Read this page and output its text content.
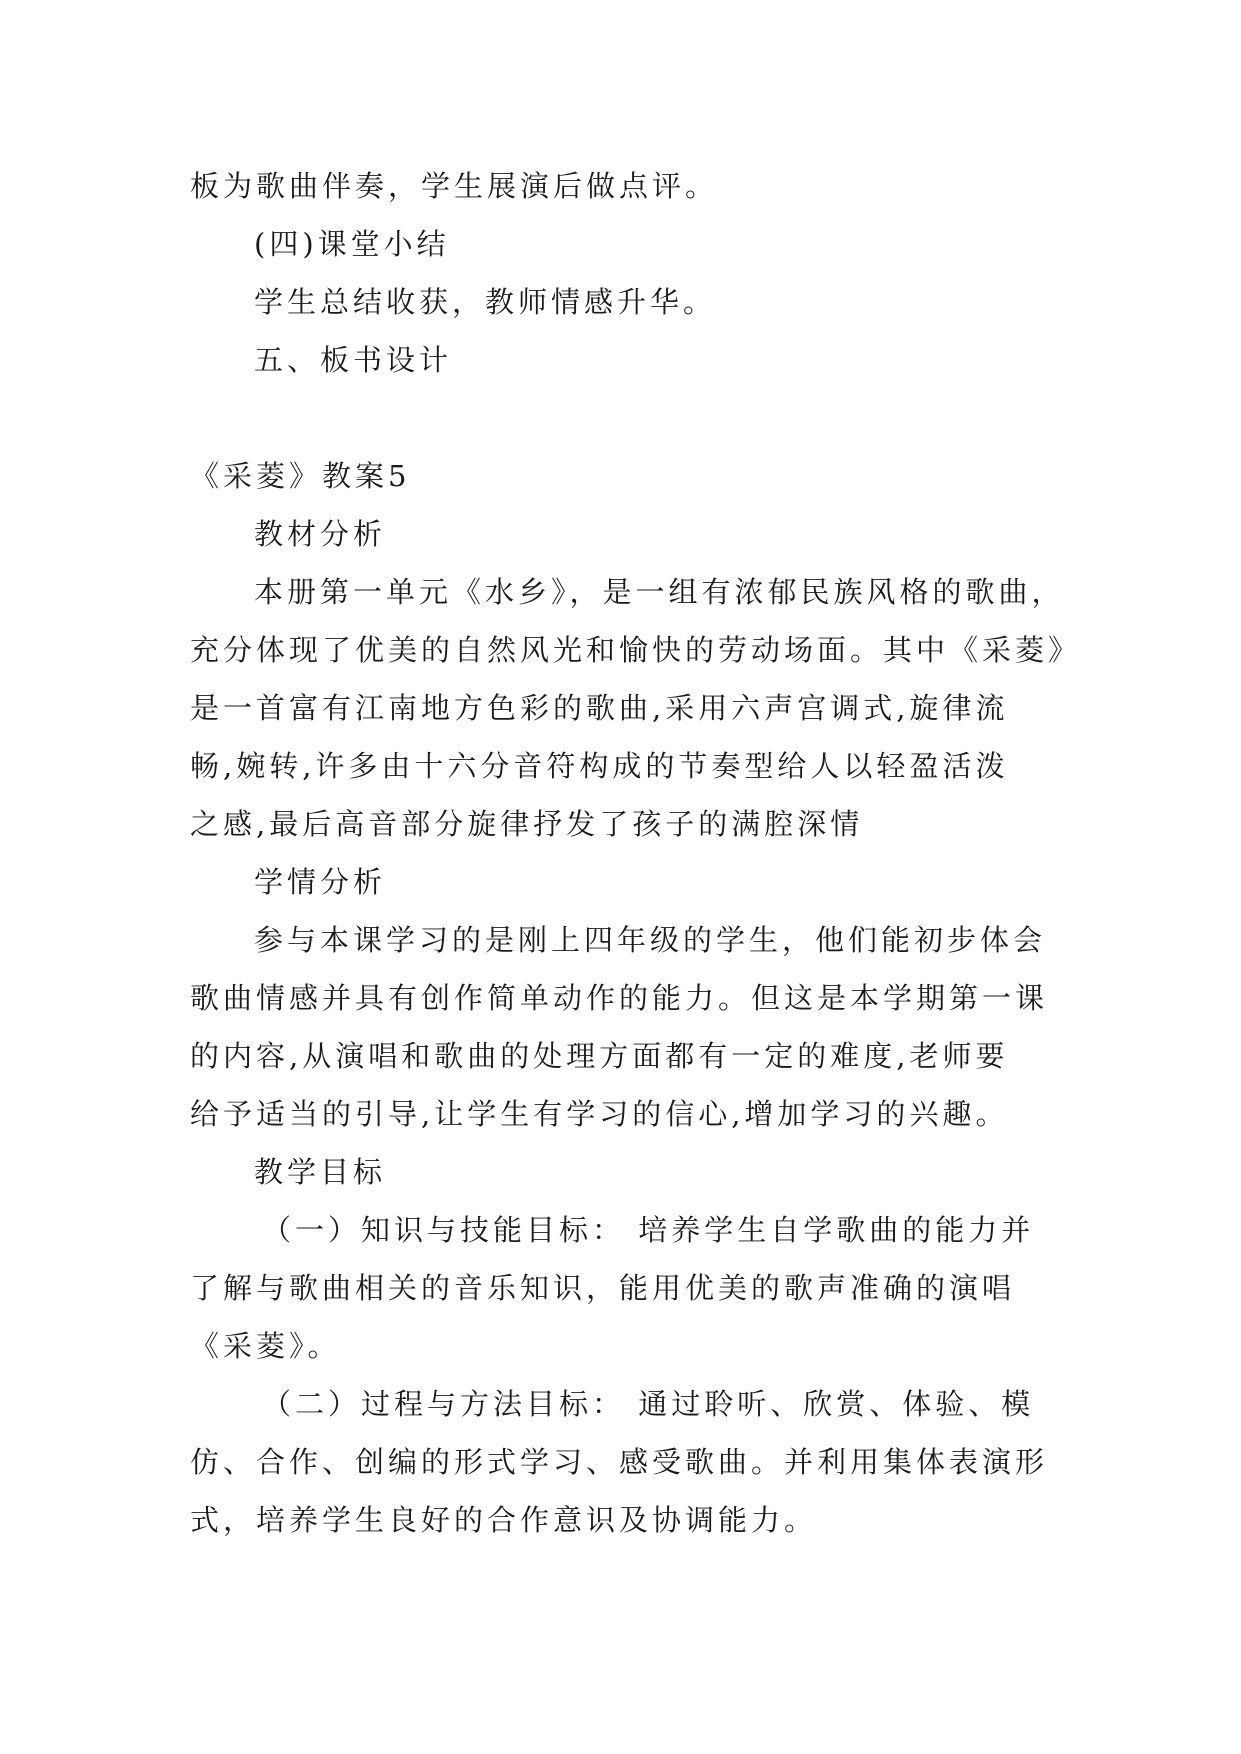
板为歌曲伴奏，学生展演后做点评。
(四)课堂小结
学生总结收获，教师情感升华。
五、板书设计
《采菱》教案5
教材分析
本册第一单元《水乡》，是一组有浓郁民族风格的歌曲，
充分体现了优美的自然风光和愉快的劳动场面。其中《采菱》
是一首富有江南地方色彩的歌曲,采用六声宫调式,旋律流
畅,婉转,许多由十六分音符构成的节奏型给人以轻盈活泼
之感,最后高音部分旋律抒发了孩子的满腔深情
学情分析
参与本课学习的是刚上四年级的学生，他们能初步体会
歌曲情感并具有创作简单动作的能力。但这是本学期第一课
的内容,从演唱和歌曲的处理方面都有一定的难度,老师要
给予适当的引导,让学生有学习的信心,增加学习的兴趣。
教学目标
（一）知识与技能目标： 培养学生自学歌曲的能力并
了解与歌曲相关的音乐知识，能用优美的歌声准确的演唱
《采菱》。
（二）过程与方法目标： 通过聆听、欣赏、体验、模
仿、合作、创编的形式学习、感受歌曲。并利用集体表演形
式，培养学生良好的合作意识及协调能力。
